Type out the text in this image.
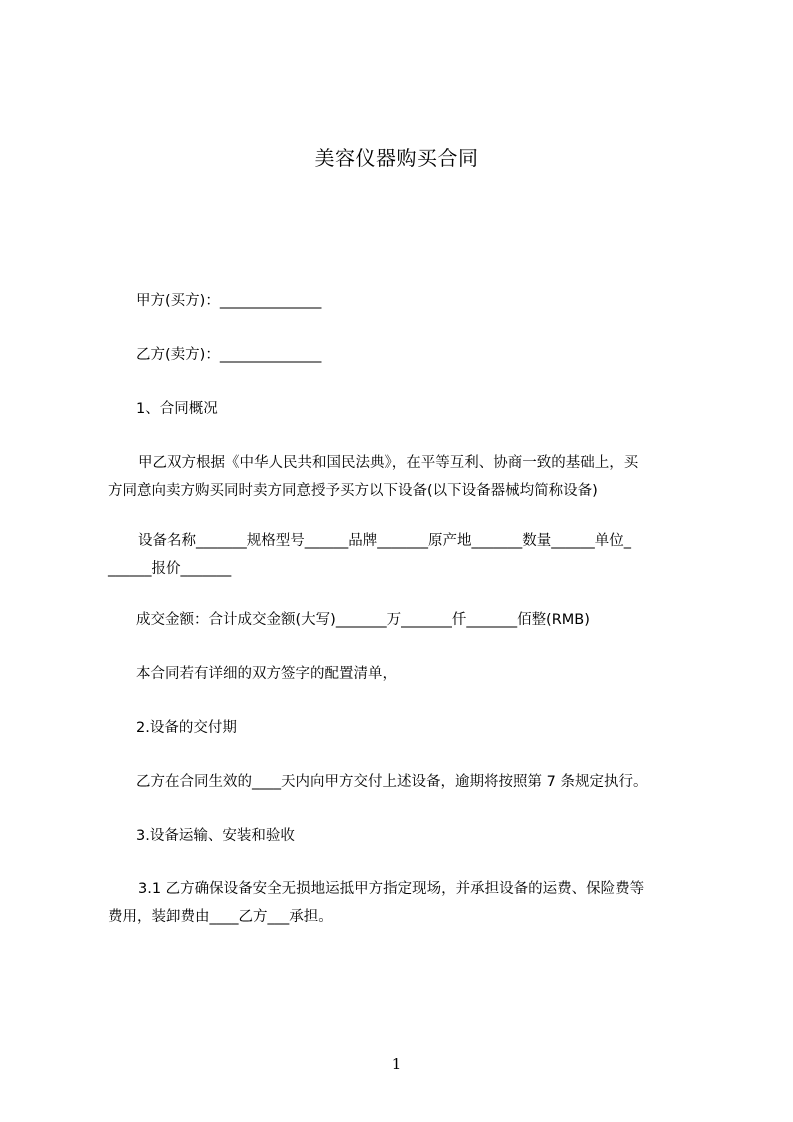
美容仪器购买合同
甲方(买方)：______________
乙方(卖方)：______________
1、合同概况
甲乙双方根据《中华人民共和国民法典》，在平等互利、协商一致的基础上，买
方同意向卖方购买同时卖方同意授予买方以下设备(以下设备器械均简称设备)
设备名称_______规格型号______品牌_______原产地_______数量______单位_
______报价_______
成交金额：合计成交金额(大写)_______万_______仟_______佰整(RMB)
本合同若有详细的双方签字的配置清单，
2.设备的交付期
乙方在合同生效的____天内向甲方交付上述设备，逾期将按照第 7 条规定执行。
3.设备运输、安装和验收
3.1 乙方确保设备安全无损地运抵甲方指定现场，并承担设备的运费、保险费等
费用，装卸费由____乙方___承担。
1
